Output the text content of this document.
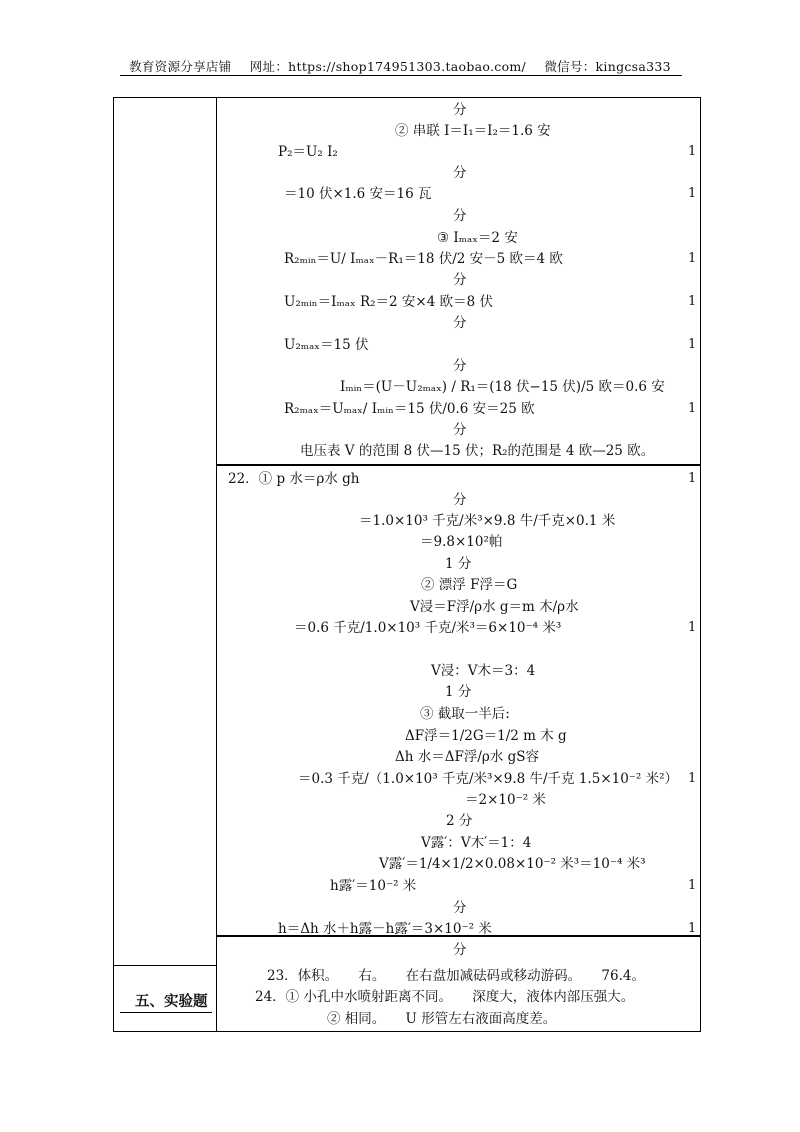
教育资源分享店铺 网址：https://shop174951303.taobao.com/ 微信号：kingcsa333
分
② 串联 I＝I₁＝I₂＝1.6 安
P₂＝U₂ I₂
分
＝10 伏×1.6 安＝16 瓦
分
③ Iₘₐₓ＝2 安
R₂ₘᵢₙ＝U/ Iₘₐₓ－R₁＝18 伏/2 安－5 欧＝4 欧
分
U₂ₘᵢₙ＝Iₘₐₓ R₂＝2 安×4 欧＝8 伏
分
U₂ₘₐₓ＝15 伏
分
Iₘᵢₙ＝(U－U₂ₘₐₓ) / R₁＝(18 伏−15 伏)/5 欧＝0.6 安
R₂ₘₐₓ＝Uₘₐₓ/ Iₘᵢₙ＝15 伏/0.6 安＝25 欧
分
电压表 V 的范围 8 伏—15 伏；R₂的范围是 4 欧—25 欧。
22．① p 水＝ρ水 gh
分
＝1.0×10³ 千克/米³×9.8 牛/千克×0.1 米
＝9.8×10²帕
1 分
② 漂浮 F浮＝G
V浸＝F浮/ρ水 g＝m 木/ρ水
＝0.6 千克/1.0×10³ 千克/米³＝6×10⁻⁴ 米³
V浸：V木＝3：4
1 分
③ 截取一半后:
ΔF浮＝1/2G＝1/2 m 木 g
Δh 水＝ΔF浮/ρ水 gS容
＝0.3 千克/（1.0×10³ 千克/米³×9.8 牛/千克 1.5×10⁻² 米²）
＝2×10⁻² 米
2 分
V露′：V木′＝1：4
V露′＝1/4×1/2×0.08×10⁻² 米³＝10⁻⁴ 米³
h露′＝10⁻² 米
分
h＝Δh 水＋h露－h露′＝3×10⁻² 米
分
1
1
1
1
1
1
1
1
1
1
1
五、实验题
23．体积。　　右。　　在右盘加减砝码或移动游码。　　76.4。
24．① 小孔中水喷射距离不同。　　深度大，液体内部压强大。
② 相同。　　U 形管左右液面高度差。
